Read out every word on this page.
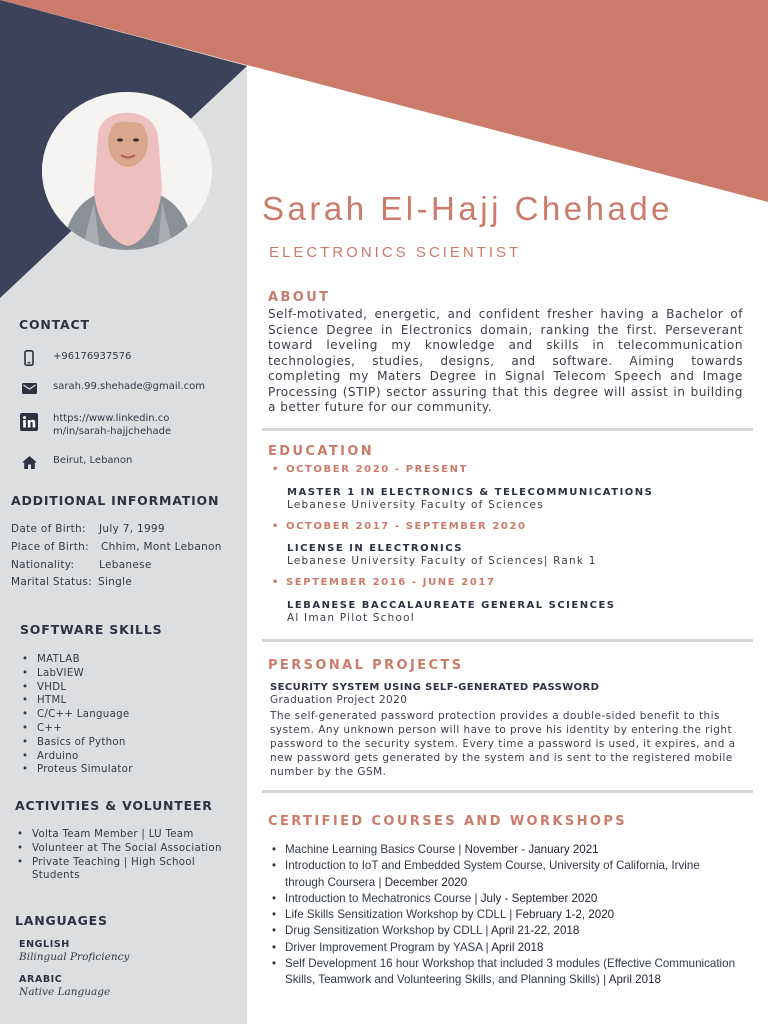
Sarah El-Hajj Chehade
ELECTRONICS SCIENTIST
CONTACT
+96176937576
sarah.99.shehade@gmail.com
https://www.linkedin.co
m/in/sarah-hajjchehade
Beirut, Lebanon
ADDITIONAL INFORMATION
Date of Birth: July 7, 1999
Place of Birth: Chhim, Mont Lebanon
Nationality: Lebanese
Marital Status: Single
SOFTWARE SKILLS
• MATLAB
• LabVIEW
• VHDL
• HTML
• C/C++ Language
• C++
• Basics of Python
• Arduino
• Proteus Simulator
ACTIVITIES & VOLUNTEER
• Volta Team Member | LU Team
• Volunteer at The Social Association
• Private Teaching | High School Students
LANGUAGES
ENGLISH
Bilingual Proficiency
ARABIC
Native Language
ABOUT
Self-motivated, energetic, and confident fresher having a Bachelor of Science Degree in Electronics domain, ranking the first. Perseverant toward leveling my knowledge and skills in telecommunication technologies, studies, designs, and software. Aiming towards completing my Maters Degree in Signal Telecom Speech and Image Processing (STIP) sector assuring that this degree will assist in building a better future for our community.
EDUCATION
• OCTOBER 2020 - PRESENT
MASTER 1 IN ELECTRONICS & TELECOMMUNICATIONS
Lebanese University Faculty of Sciences
• OCTOBER 2017 - SEPTEMBER 2020
LICENSE IN ELECTRONICS
Lebanese University Faculty of Sciences| Rank 1
• SEPTEMBER 2016 - JUNE 2017
LEBANESE BACCALAUREATE GENERAL SCIENCES
Al Iman Pilot School
PERSONAL PROJECTS
SECURITY SYSTEM USING SELF-GENERATED PASSWORD
Graduation Project 2020
The self-generated password protection provides a double-sided benefit to this system. Any unknown person will have to prove his identity by entering the right password to the security system. Every time a password is used, it expires, and a new password gets generated by the system and is sent to the registered mobile number by the GSM.
CERTIFIED COURSES AND WORKSHOPS
• Machine Learning Basics Course | November - January 2021
• Introduction to IoT and Embedded System Course, University of California, Irvine through Coursera | December 2020
• Introduction to Mechatronics Course | July - September 2020
• Life Skills Sensitization Workshop by CDLL | February 1-2, 2020
• Drug Sensitization Workshop by CDLL | April 21-22, 2018
• Driver Improvement Program by YASA | April 2018
• Self Development 16 hour Workshop that included 3 modules (Effective Communication Skills, Teamwork and Volunteering Skills, and Planning Skills) | April 2018
